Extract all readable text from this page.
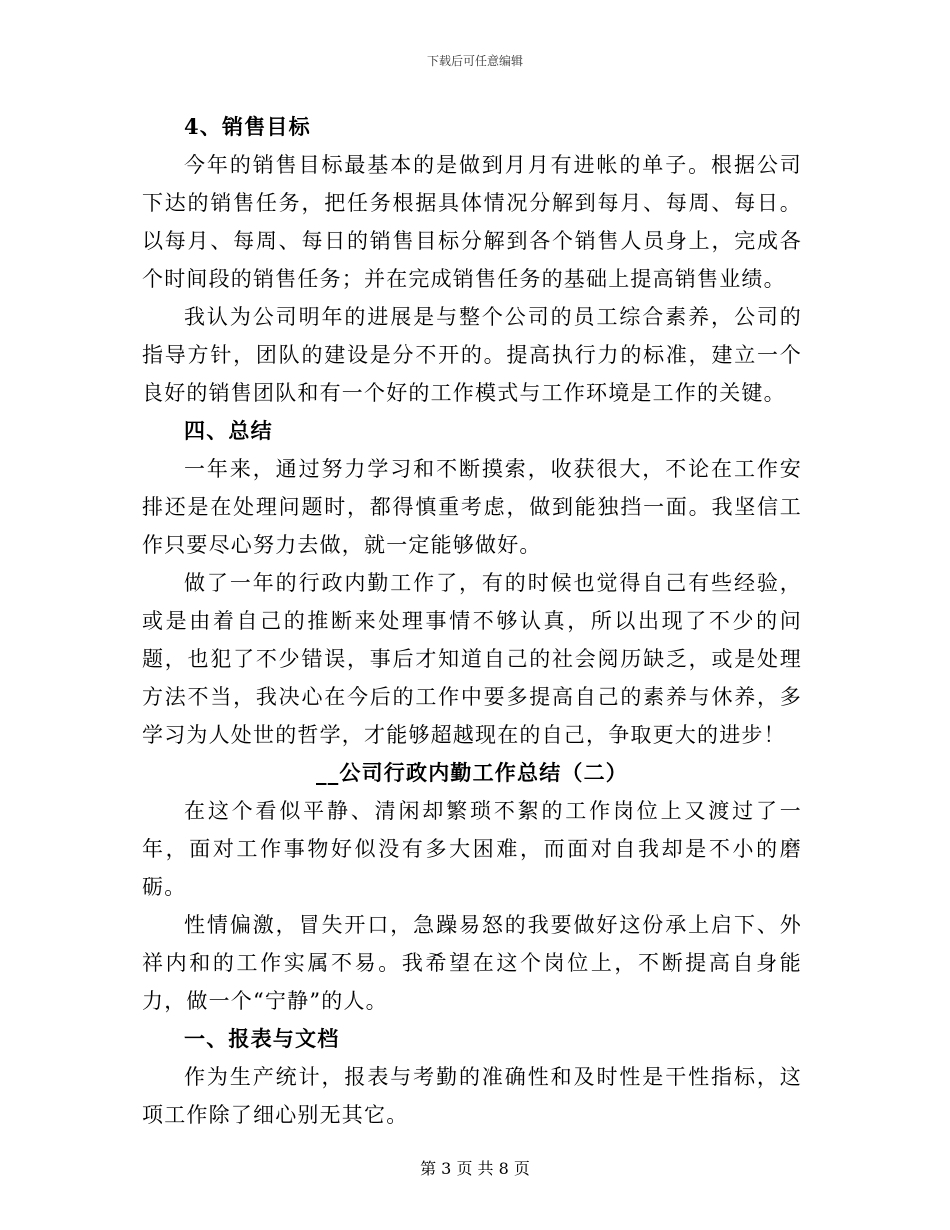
下载后可任意编辑
4、销售目标

今年的销售目标最基本的是做到月月有进帐的单子。根据公司下达的销售任务，把任务根据具体情况分解到每月、每周、每日。以每月、每周、每日的销售目标分解到各个销售人员身上，完成各个时间段的销售任务；并在完成销售任务的基础上提高销售业绩。

我认为公司明年的进展是与整个公司的员工综合素养，公司的指导方针，团队的建设是分不开的。提高执行力的标准，建立一个良好的销售团队和有一个好的工作模式与工作环境是工作的关键。

四、总结

一年来，通过努力学习和不断摸索，收获很大，不论在工作安排还是在处理问题时，都得慎重考虑，做到能独挡一面。我坚信工作只要尽心努力去做，就一定能够做好。

做了一年的行政内勤工作了，有的时候也觉得自己有些经验，或是由着自己的推断来处理事情不够认真，所以出现了不少的问题，也犯了不少错误，事后才知道自己的社会阅历缺乏，或是处理方法不当，我决心在今后的工作中要多提高自己的素养与休养，多学习为人处世的哲学，才能够超越现在的自己，争取更大的进步！

__公司行政内勤工作总结（二）

在这个看似平静、清闲却繁琐不絮的工作岗位上又渡过了一年，面对工作事物好似没有多大困难，而面对自我却是不小的磨砺。

性情偏激，冒失开口，急躁易怒的我要做好这份承上启下、外祥内和的工作实属不易。我希望在这个岗位上，不断提高自身能力，做一个“宁静”的人。

一、报表与文档

作为生产统计，报表与考勤的准确性和及时性是干性指标，这项工作除了细心别无其它。

第 3 页 共 8 页
